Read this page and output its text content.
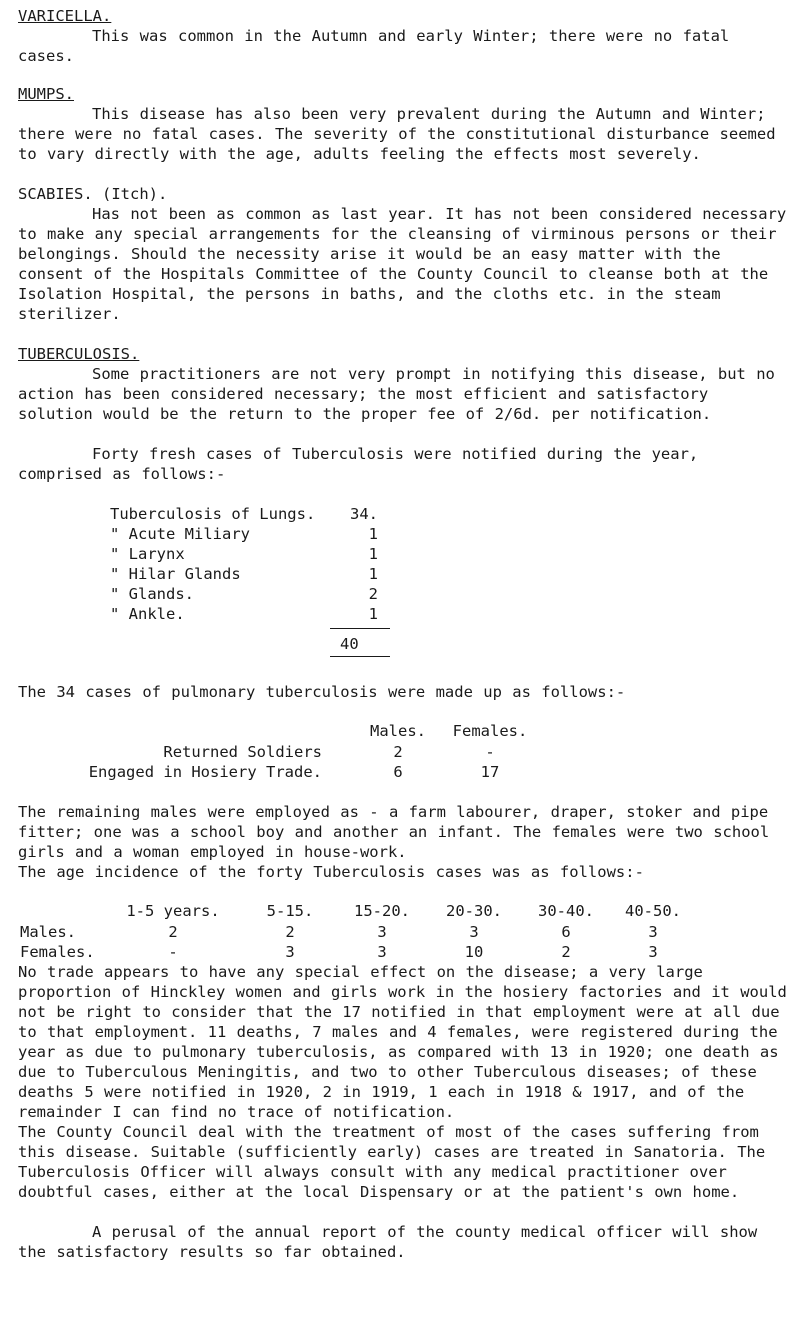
VARICELLA.
This was common in the Autumn and early Winter; there were no fatal cases.
MUMPS.
This disease has also been very prevalent during the Autumn and Winter; there were no fatal cases. The severity of the constitutional disturbance seemed to vary directly with the age, adults feeling the effects most severely.
SCABIES. (Itch).
Has not been as common as last year. It has not been considered necessary to make any special arrangements for the cleansing of virminous persons or their belongings. Should the necessity arise it would be an easy matter with the consent of the Hospitals Committee of the County Council to cleanse both at the Isolation Hospital, the persons in baths, and the cloths etc. in the steam sterilizer.
TUBERCULOSIS.
Some practitioners are not very prompt in notifying this disease, but no action has been considered necessary; the most efficient and satisfactory solution would be the return to the proper fee of 2/6d. per notification.
Forty fresh cases of Tuberculosis were notified during the year, comprised as follows:-
Tuberculosis of Lungs.	34.
" Acute Miliary	1
" Larynx	1
" Hilar Glands	1
" Glands.	2
" Ankle.	1
40
The 34 cases of pulmonary tuberculosis were made up as follows:-
	Males.	Females.
Returned Soldiers	2	-
Engaged in Hosiery Trade.	6	17
The remaining males were employed as - a farm labourer, draper, stoker and pipe fitter; one was a school boy and another an infant. The females were two school girls and a woman employed in house-work.
The age incidence of the forty Tuberculosis cases was as follows:-
	1-5 years.	5-15.	15-20.	20-30.	30-40.	40-50.
Males.	2	2	3	3	6	3
Females.	-	3	3	10	2	3
No trade appears to have any special effect on the disease; a very large proportion of Hinckley women and girls work in the hosiery factories and it would not be right to consider that the 17 notified in that employment were at all due to that employment. 11 deaths, 7 males and 4 females, were registered during the year as due to pulmonary tuberculosis, as compared with 13 in 1920; one death as due to Tuberculous Meningitis, and two to other Tuberculous diseases; of these deaths 5 were notified in 1920, 2 in 1919, 1 each in 1918 & 1917, and of the remainder I can find no trace of notification.
The County Council deal with the treatment of most of the cases suffering from this disease. Suitable (sufficiently early) cases are treated in Sanatoria. The Tuberculosis Officer will always consult with any medical practitioner over doubtful cases, either at the local Dispensary or at the patient's own home.
A perusal of the annual report of the county medical officer will show the satisfactory results so far obtained.
